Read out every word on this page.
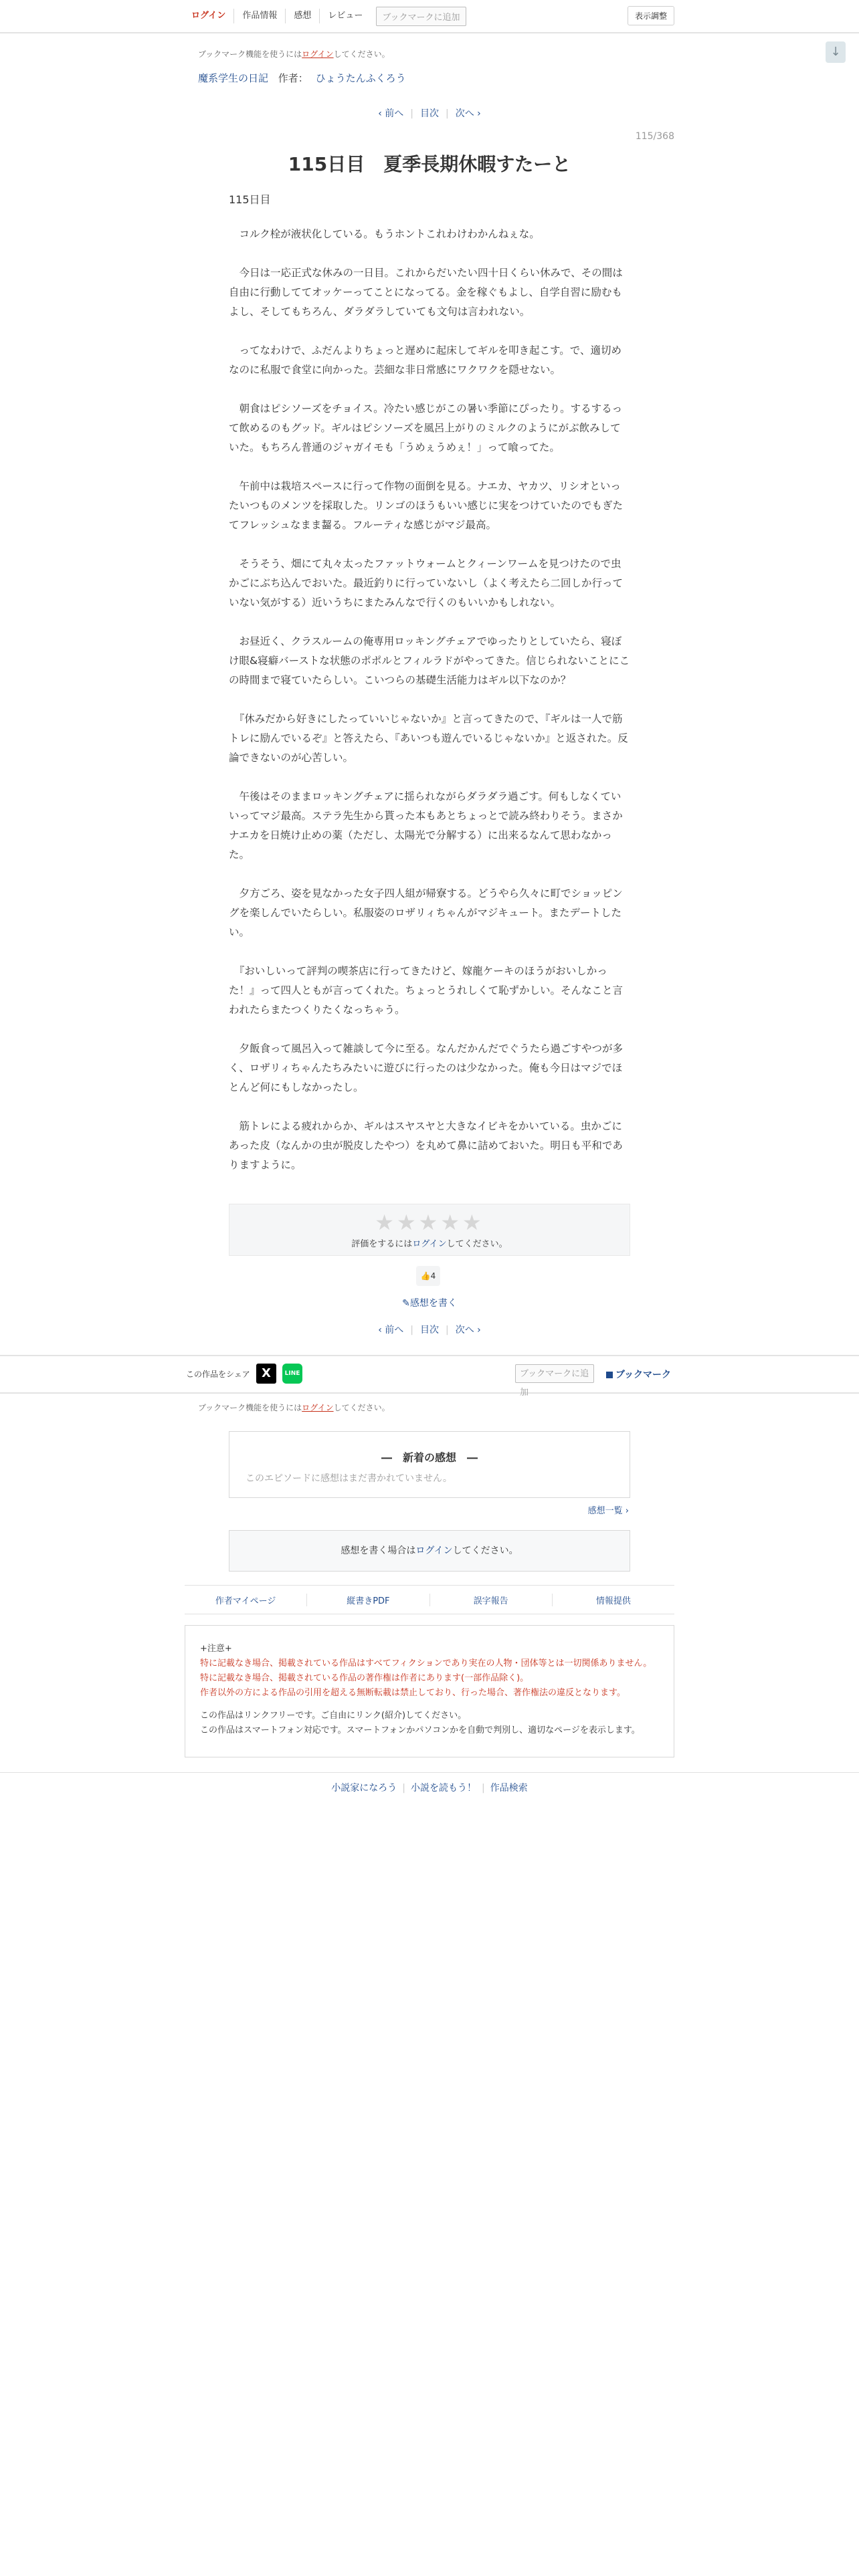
ログイン	作品情報	感想	レビュー	ブックマークに追加	表示調整
↓
ブックマーク機能を使うにはログインしてください。
魔系学生の日記 作者： ひょうたんふくろう
‹ 前へ | 目次 | 次へ ›
115/368
115日目　夏季長期休暇すたーと
115日目

　コルク栓が液状化している。もうホントこれわけわかんねぇな。

　今日は一応正式な休みの一日目。これからだいたい四十日くらい休みで、その間は自由に行動しててオッケーってことになってる。金を稼ぐもよし、自学自習に励むもよし、そしてもちろん、ダラダラしていても文句は言われない。

　ってなわけで、ふだんよりちょっと遅めに起床してギルを叩き起こす。で、適切めなのに私服で食堂に向かった。芸細な非日常感にワクワクを隠せない。

　朝食はピシソーズをチョイス。冷たい感じがこの暑い季節にぴったり。するするって飲めるのもグッド。ギルはピシソーズを風呂上がりのミルクのようにがぶ飲みしていた。もちろん普通のジャガイモも「うめぇうめぇ！」って喰ってた。

　午前中は栽培スペースに行って作物の面倒を見る。ナエカ、ヤカツ、リシオといったいつものメンツを採取した。リンゴのほうもいい感じに実をつけていたのでもぎたてフレッシュなまま齧る。フルーティな感じがマジ最高。

　そうそう、畑にて丸々太ったファットウォームとクィーンワームを見つけたので虫かごにぶち込んでおいた。最近釣りに行っていないし（よく考えたら二回しか行っていない気がする）近いうちにまたみんなで行くのもいいかもしれない。

　お昼近く、クラスルームの俺専用ロッキングチェアでゆったりとしていたら、寝ぼけ眼&寝癖バーストな状態のポポルとフィルラドがやってきた。信じられないことにこの時間まで寝ていたらしい。こいつらの基礎生活能力はギル以下なのか？

　『休みだから好きにしたっていいじゃないか』と言ってきたので、『ギルは一人で筋トレに励んでいるぞ』と答えたら、『あいつも遊んでいるじゃないか』と返された。反論できないのが心苦しい。

　午後はそのままロッキングチェアに揺られながらダラダラ過ごす。何もしなくていいってマジ最高。ステラ先生から貰った本もあとちょっとで読み終わりそう。まさかナエカを日焼け止めの薬（ただし、太陽光で分解する）に出来るなんて思わなかった。

　夕方ごろ、姿を見なかった女子四人組が帰寮する。どうやら久々に町でショッピングを楽しんでいたらしい。私服姿のロザリィちゃんがマジキュート。またデートしたい。

　『おいしいって評判の喫茶店に行ってきたけど、嫁龍ケーキのほうがおいしかった！』って四人ともが言ってくれた。ちょっとうれしくて恥ずかしい。そんなこと言われたらまたつくりたくなっちゃう。

　夕飯食って風呂入って雑談して今に至る。なんだかんだでぐうたら過ごすやつが多く、ロザリィちゃんたちみたいに遊びに行ったのは少なかった。俺も今日はマジでほとんど何にもしなかったし。

　筋トレによる疲れからか、ギルはスヤスヤと大きなイビキをかいている。虫かごにあった皮（なんかの虫が脱皮したやつ）を丸めて鼻に詰めておいた。明日も平和でありますように。

★★★★★
評価をするにはログインしてください。
👍4
✎感想を書く
‹ 前へ | 目次 | 次へ ›
この作品をシェア X	LINE	ブックマークに追加
ブックマーク
ブックマーク機能を使うにはログインしてください。
―　新着の感想　―
このエピソードに感想はまだ書かれていません。
感想一覧 ›
感想を書く場合はログインしてください。
作者マイページ	縦書きPDF	誤字報告	情報提供
+注意+
特に記載なき場合、掲載されている作品はすべてフィクションであり実在の人物・団体等とは一切関係ありません。
特に記載なき場合、掲載されている作品の著作権は作者にあります(一部作品除く)。
作者以外の方による作品の引用を超える無断転載は禁止しており、行った場合、著作権法の違反となります。
この作品はリンクフリーです。ご自由にリンク(紹介)してください。
この作品はスマートフォン対応です。スマートフォンかパソコンかを自動で判別し、適切なページを表示します。
小説家になろう | 小説を読もう！ | 作品検索
